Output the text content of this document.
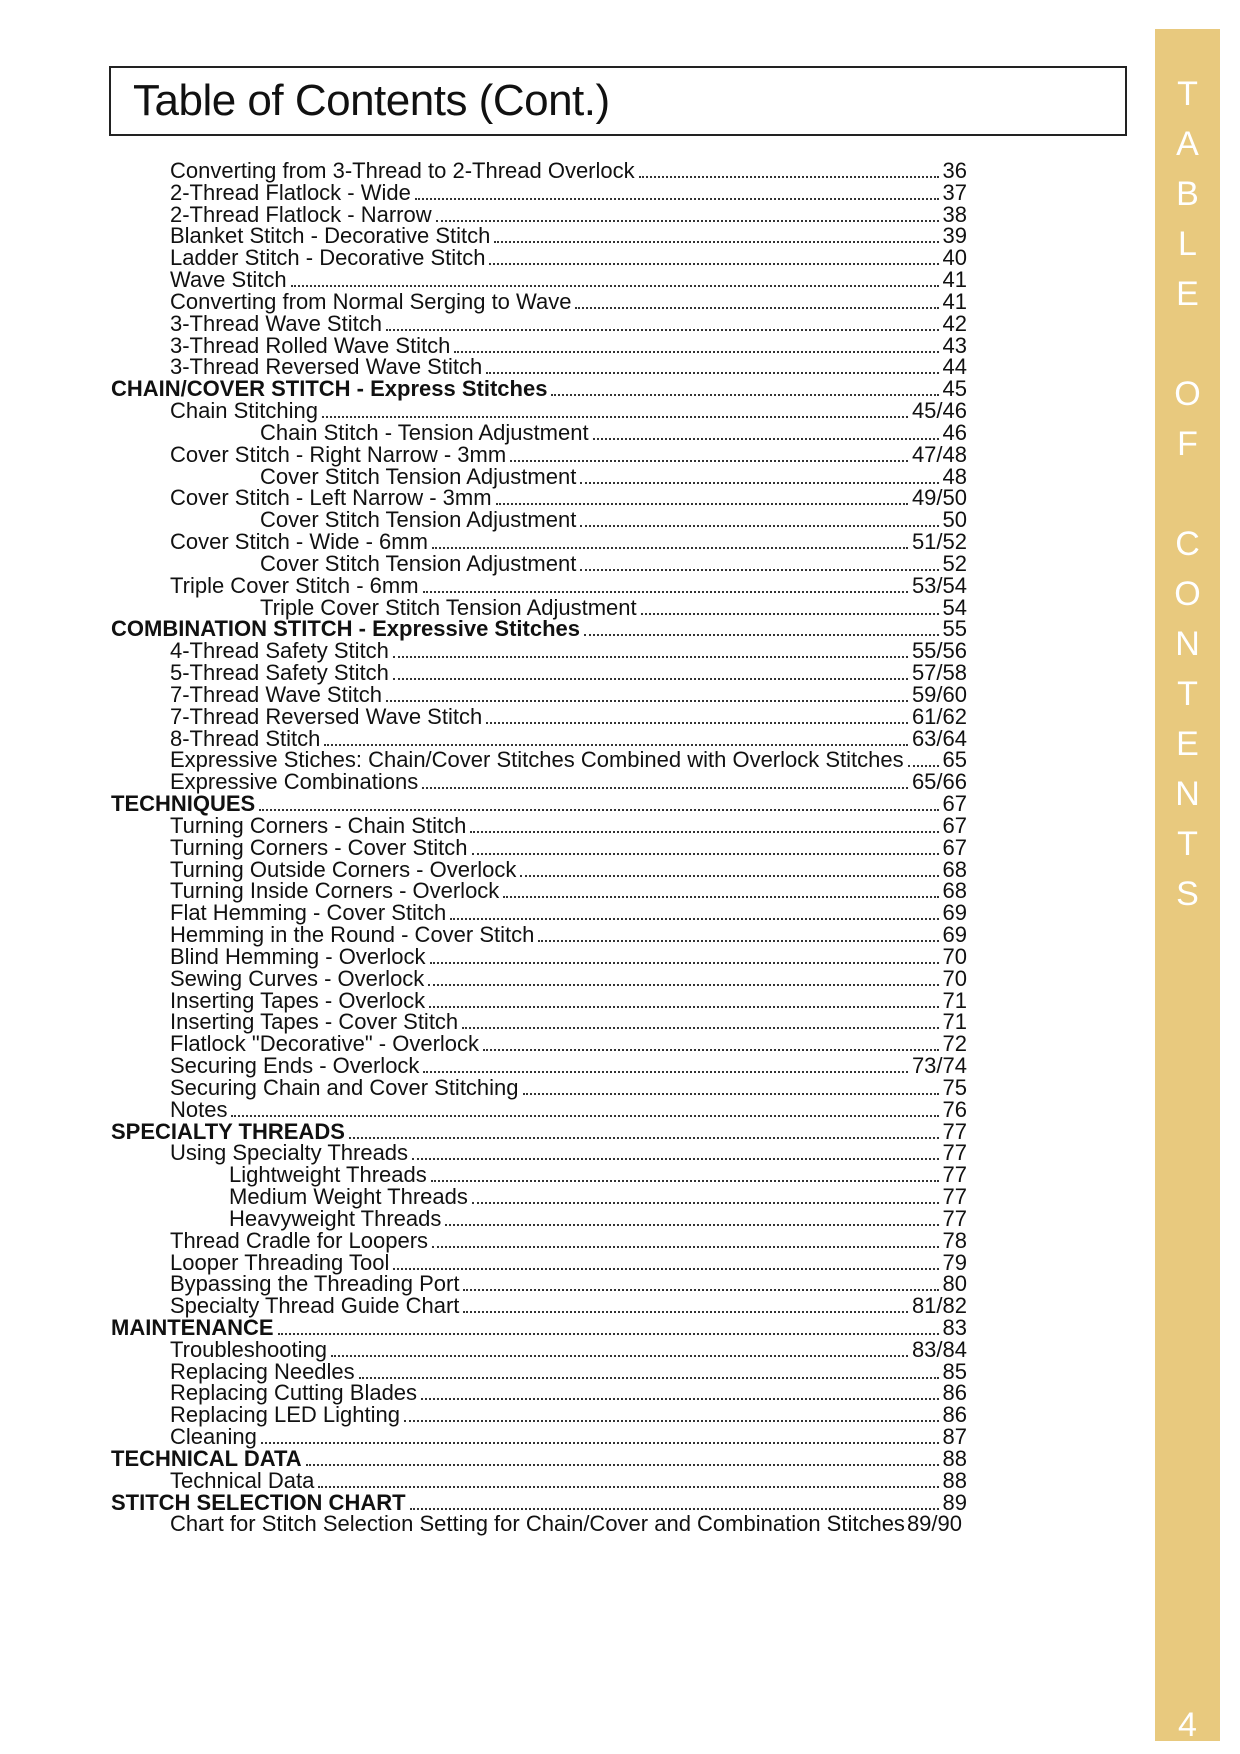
Table of Contents (Cont.)
Converting from 3-Thread to 2-Thread Overlock	36
2-Thread Flatlock - Wide	37
2-Thread Flatlock - Narrow	38
Blanket Stitch - Decorative Stitch	39
Ladder Stitch - Decorative Stitch	40
Wave Stitch	41
Converting from Normal Serging to Wave	41
3-Thread Wave Stitch	42
3-Thread Rolled Wave Stitch	43
3-Thread Reversed Wave Stitch	44
CHAIN/COVER STITCH - Express Stitches	45
Chain Stitching	45/46
Chain Stitch - Tension Adjustment	46
Cover Stitch - Right Narrow - 3mm	47/48
Cover Stitch Tension Adjustment	48
Cover Stitch - Left Narrow - 3mm	49/50
Cover Stitch Tension Adjustment	50
Cover Stitch - Wide - 6mm	51/52
Cover Stitch Tension Adjustment	52
Triple Cover Stitch - 6mm	53/54
Triple Cover Stitch Tension Adjustment	54
COMBINATION STITCH - Expressive Stitches	55
4-Thread Safety Stitch	55/56
5-Thread Safety Stitch	57/58
7-Thread Wave Stitch	59/60
7-Thread Reversed Wave Stitch	61/62
8-Thread Stitch	63/64
Expressive Stiches: Chain/Cover Stitches Combined with Overlock Stitches 65
Expressive Combinations	65/66
TECHNIQUES	67
Turning Corners - Chain Stitch	67
Turning Corners - Cover Stitch	67
Turning Outside Corners - Overlock	68
Turning Inside Corners - Overlock	68
Flat Hemming - Cover Stitch	69
Hemming in the Round - Cover Stitch	69
Blind Hemming - Overlock	70
Sewing Curves - Overlock	70
Inserting Tapes - Overlock	71
Inserting Tapes - Cover Stitch	71
Flatlock "Decorative" - Overlock	72
Securing Ends - Overlock	73/74
Securing Chain and Cover Stitching	75
Notes	76
SPECIALTY THREADS	77
Using Specialty Threads	77
Lightweight Threads	77
Medium Weight Threads	77
Heavyweight Threads	77
Thread Cradle for Loopers	78
Looper Threading Tool	79
Bypassing the Threading Port	80
Specialty Thread Guide Chart	81/82
MAINTENANCE	83
Troubleshooting	83/84
Replacing Needles	85
Replacing Cutting Blades	86
Replacing LED Lighting	86
Cleaning	87
TECHNICAL DATA	88
Technical Data	88
STITCH SELECTION CHART	89
Chart for Stitch Selection Setting for Chain/Cover and Combination Stitches 89/90
4
T
A
B
L
E
O
F
C
O
N
T
E
N
T
S
